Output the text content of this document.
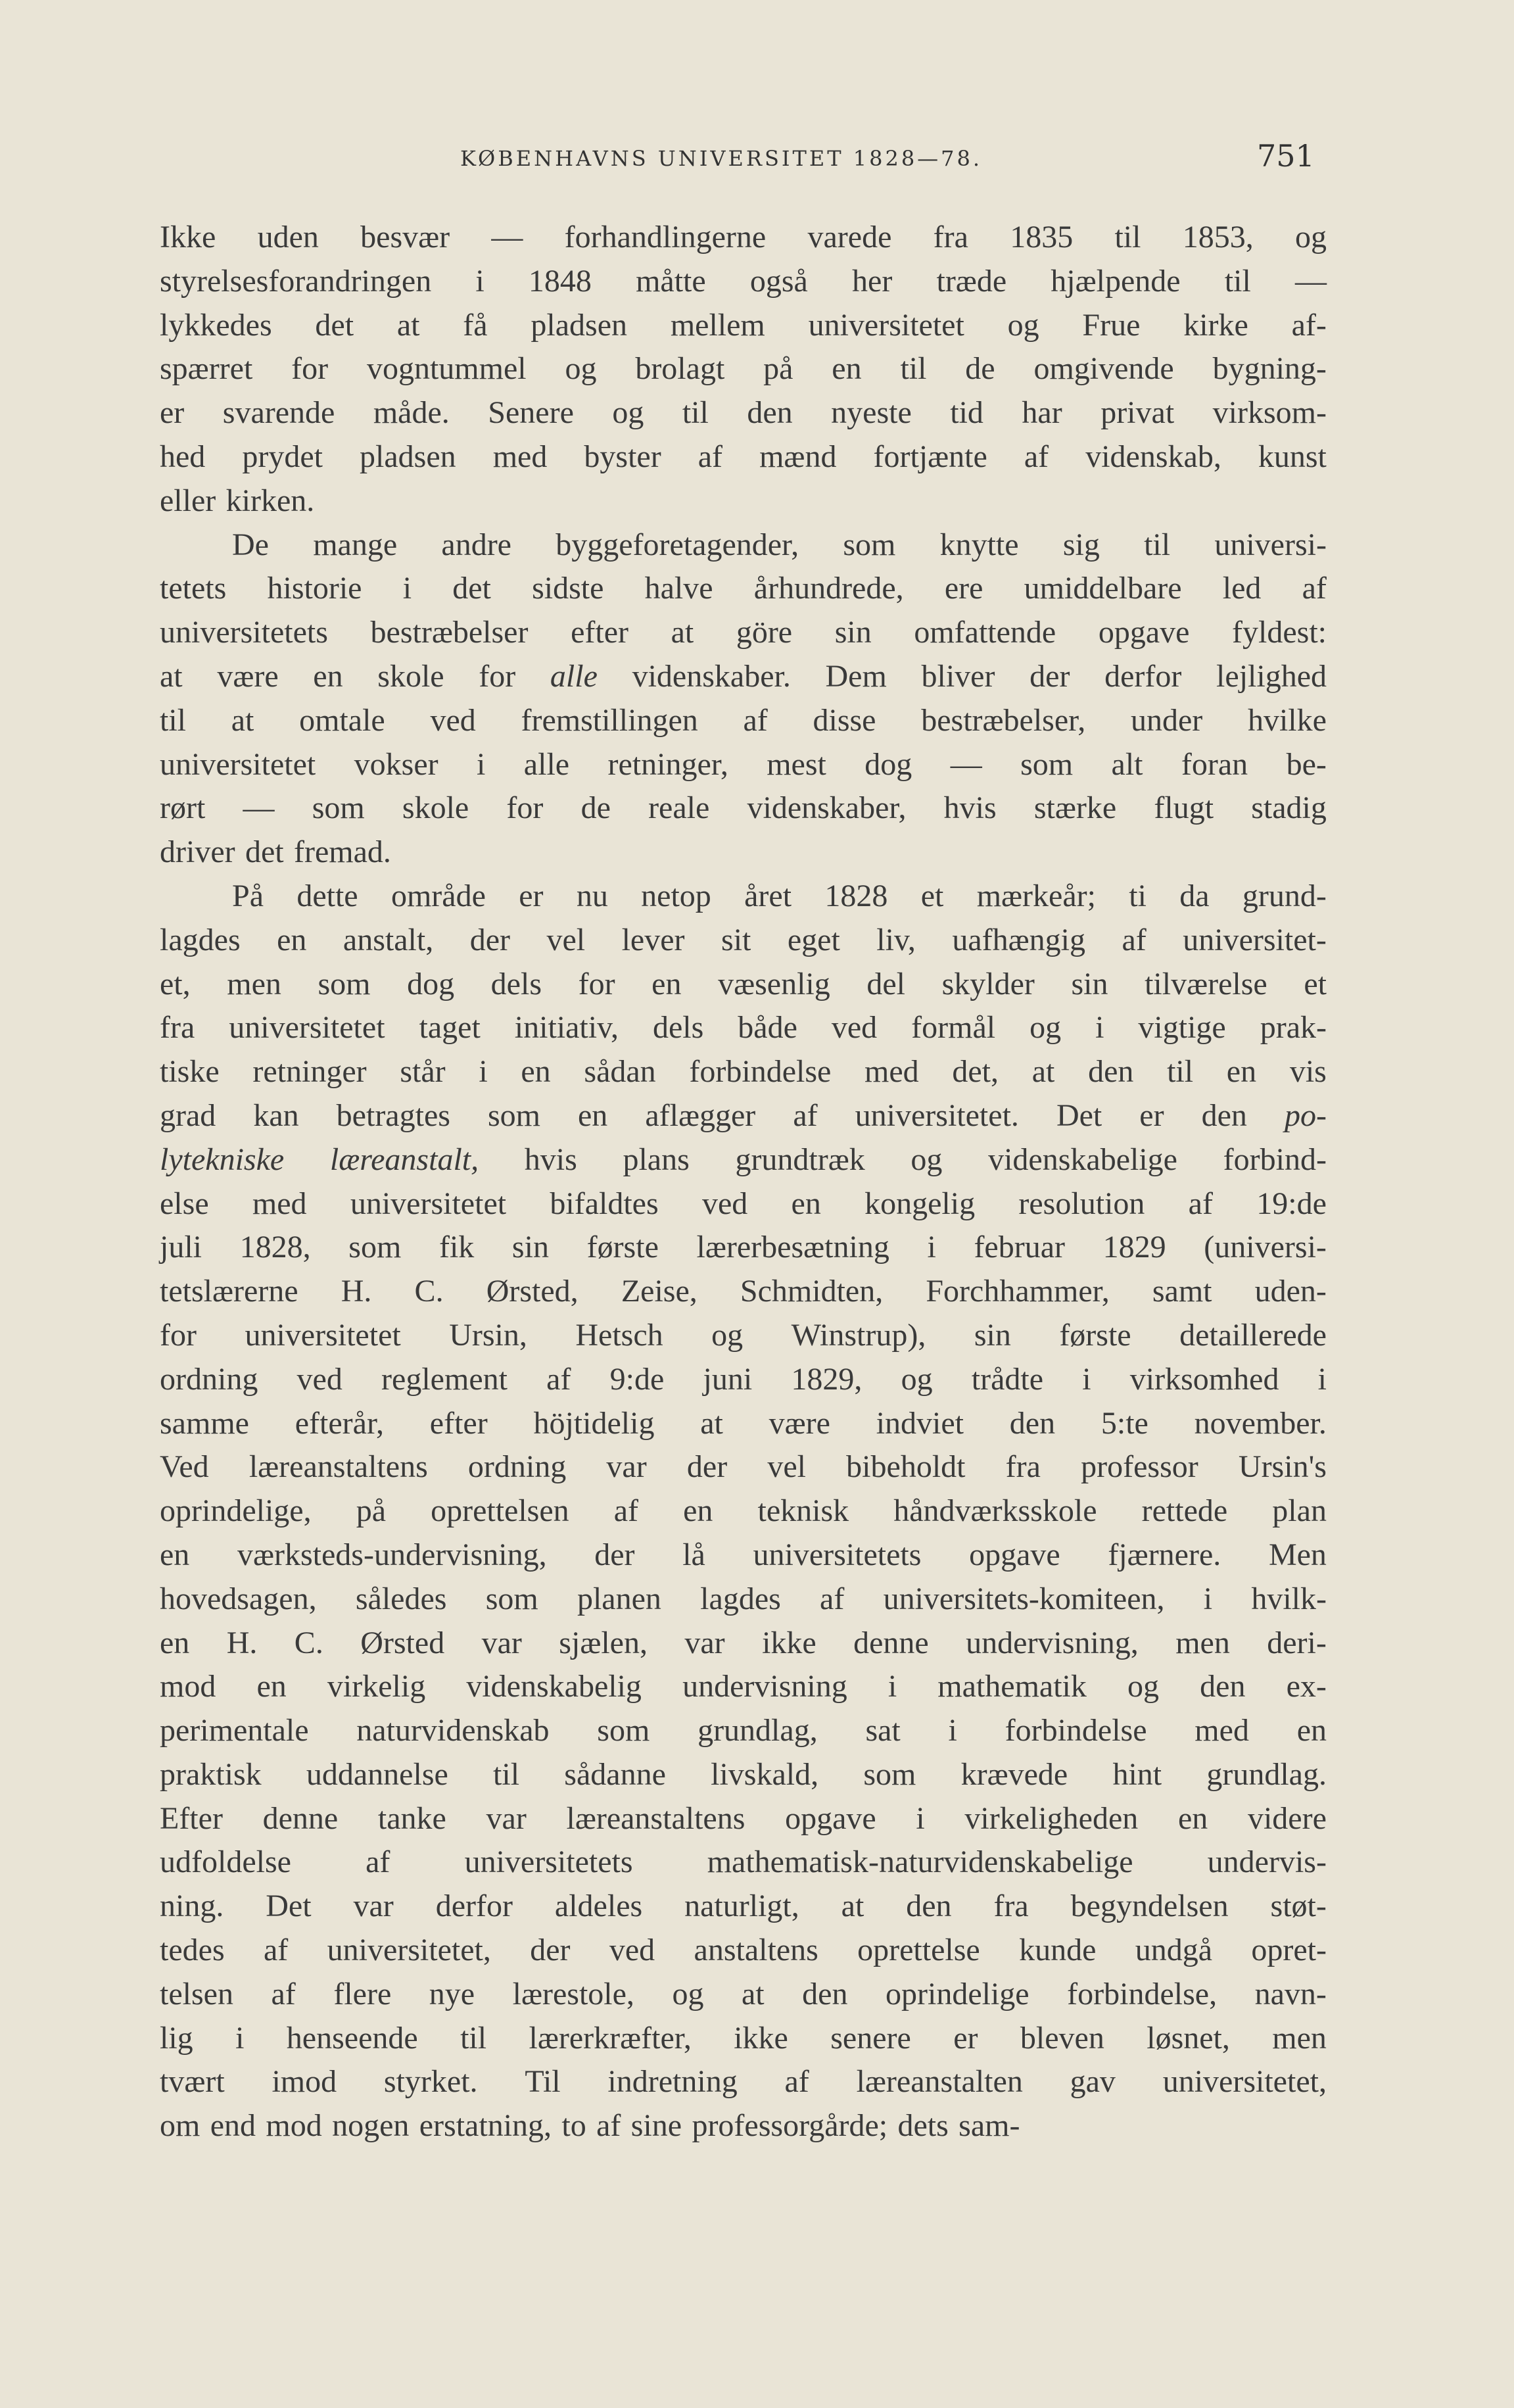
KØBENHAVNS UNIVERSITET 1828—78.	751
Ikke uden besvær — forhandlingerne varede fra 1835 til 1853, og
styrelsesforandringen i 1848 måtte også her træde hjælpende til —
lykkedes det at få pladsen mellem universitetet og Frue kirke af-
spærret for vogntummel og brolagt på en til de omgivende bygning-
er svarende måde. Senere og til den nyeste tid har privat virksom-
hed prydet pladsen med byster af mænd fortjænte af videnskab, kunst
eller kirken.
De mange andre byggeforetagender, som knytte sig til universi-
tetets historie i det sidste halve århundrede, ere umiddelbare led af
universitetets bestræbelser efter at göre sin omfattende opgave fyldest:
at være en skole for alle videnskaber. Dem bliver der derfor lejlighed
til at omtale ved fremstillingen af disse bestræbelser, under hvilke
universitetet vokser i alle retninger, mest dog — som alt foran be-
rørt — som skole for de reale videnskaber, hvis stærke flugt stadig
driver det fremad.
På dette område er nu netop året 1828 et mærkeår; ti da grund-
lagdes en anstalt, der vel lever sit eget liv, uafhængig af universitet-
et, men som dog dels for en væsenlig del skylder sin tilværelse et
fra universitetet taget initiativ, dels både ved formål og i vigtige prak-
tiske retninger står i en sådan forbindelse med det, at den til en vis
grad kan betragtes som en aflægger af universitetet. Det er den po-
lytekniske læreanstalt, hvis plans grundtræk og videnskabelige forbind-
else med universitetet bifaldtes ved en kongelig resolution af 19:de
juli 1828, som fik sin første lærerbesætning i februar 1829 (universi-
tetslærerne H. C. Ørsted, Zeise, Schmidten, Forchhammer, samt uden-
for universitetet Ursin, Hetsch og Winstrup), sin første detaillerede
ordning ved reglement af 9:de juni 1829, og trådte i virksomhed i
samme efterår, efter höjtidelig at være indviet den 5:te november.
Ved læreanstaltens ordning var der vel bibeholdt fra professor Ursin's
oprindelige, på oprettelsen af en teknisk håndværksskole rettede plan
en værksteds-undervisning, der lå universitetets opgave fjærnere. Men
hovedsagen, således som planen lagdes af universitets-komiteen, i hvilk-
en H. C. Ørsted var sjælen, var ikke denne undervisning, men deri-
mod en virkelig videnskabelig undervisning i mathematik og den ex-
perimentale naturvidenskab som grundlag, sat i forbindelse med en
praktisk uddannelse til sådanne livskald, som krævede hint grundlag.
Efter denne tanke var læreanstaltens opgave i virkeligheden en videre
udfoldelse af universitetets mathematisk-naturvidenskabelige undervis-
ning. Det var derfor aldeles naturligt, at den fra begyndelsen støt-
tedes af universitetet, der ved anstaltens oprettelse kunde undgå opret-
telsen af flere nye lærestole, og at den oprindelige forbindelse, navn-
lig i henseende til lærerkræfter, ikke senere er bleven løsnet, men
tvært imod styrket. Til indretning af læreanstalten gav universitetet,
om end mod nogen erstatning, to af sine professorgårde; dets sam-
